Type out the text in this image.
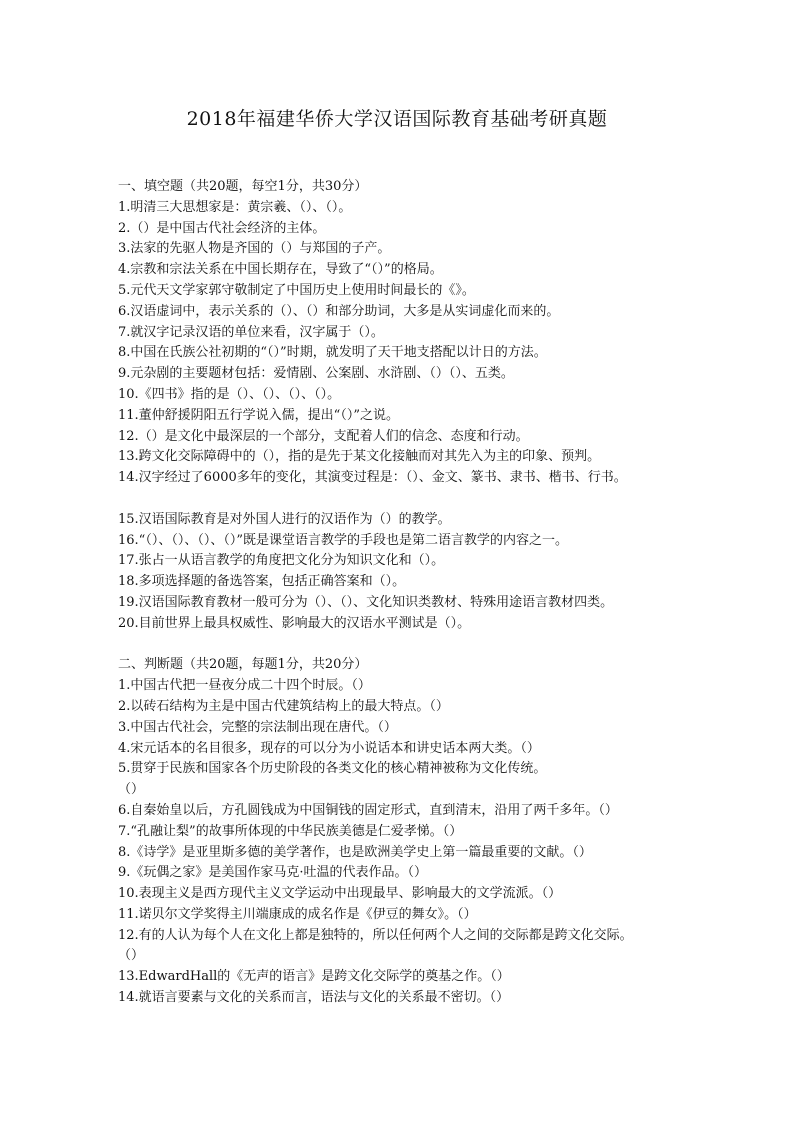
2018年福建华侨大学汉语国际教育基础考研真题
一、填空题（共20题，每空1分，共30分）
1.明清三大思想家是：黄宗羲、（）、（）。
2.（）是中国古代社会经济的主体。
3.法家的先驱人物是齐国的（）与郑国的子产。
4.宗教和宗法关系在中国长期存在，导致了“（）”的格局。
5.元代天文学家郭守敬制定了中国历史上使用时间最长的《》。
6.汉语虚词中，表示关系的（）、（）和部分助词，大多是从实词虚化而来的。
7.就汉字记录汉语的单位来看，汉字属于（）。
8.中国在氏族公社初期的“（）”时期，就发明了天干地支搭配以计日的方法。
9.元杂剧的主要题材包括：爱情剧、公案剧、水浒剧、（）（）、五类。
10.《四书》指的是（）、（）、（）、（）。
11.董仲舒援阴阳五行学说入儒，提出“（）”之说。
12.（）是文化中最深层的一个部分，支配着人们的信念、态度和行动。
13.跨文化交际障碍中的（），指的是先于某文化接触而对其先入为主的印象、预判。
14.汉字经过了6000多年的变化，其演变过程是：（）、金文、篆书、隶书、楷书、行书。
15.汉语国际教育是对外国人进行的汉语作为（）的教学。
16.“（）、（）、（）、（）”既是课堂语言教学的手段也是第二语言教学的内容之一。
17.张占一从语言教学的角度把文化分为知识文化和（）。
18.多项选择题的备选答案，包括正确答案和（）。
19.汉语国际教育教材一般可分为（）、（）、文化知识类教材、特殊用途语言教材四类。
20.目前世界上最具权威性、影响最大的汉语水平测试是（）。
二、判断题（共20题，每题1分，共20分）
1.中国古代把一昼夜分成二十四个时辰。（）
2.以砖石结构为主是中国古代建筑结构上的最大特点。（）
3.中国古代社会，完整的宗法制出现在唐代。（）
4.宋元话本的名目很多，现存的可以分为小说话本和讲史话本两大类。（）
5.贯穿于民族和国家各个历史阶段的各类文化的核心精神被称为文化传统。
（）
6.自秦始皇以后，方孔圆钱成为中国铜钱的固定形式，直到清末，沿用了两千多年。（）
7.“孔融让梨”的故事所体现的中华民族美德是仁爱孝悌。（）
8.《诗学》是亚里斯多德的美学著作，也是欧洲美学史上第一篇最重要的文献。（）
9.《玩偶之家》是美国作家马克·吐温的代表作品。（）
10.表现主义是西方现代主义文学运动中出现最早、影响最大的文学流派。（）
11.诺贝尔文学奖得主川端康成的成名作是《伊豆的舞女》。（）
12.有的人认为每个人在文化上都是独特的，所以任何两个人之间的交际都是跨文化交际。
（）
13.EdwardHall的《无声的语言》是跨文化交际学的奠基之作。（）
14.就语言要素与文化的关系而言，语法与文化的关系最不密切。（）
